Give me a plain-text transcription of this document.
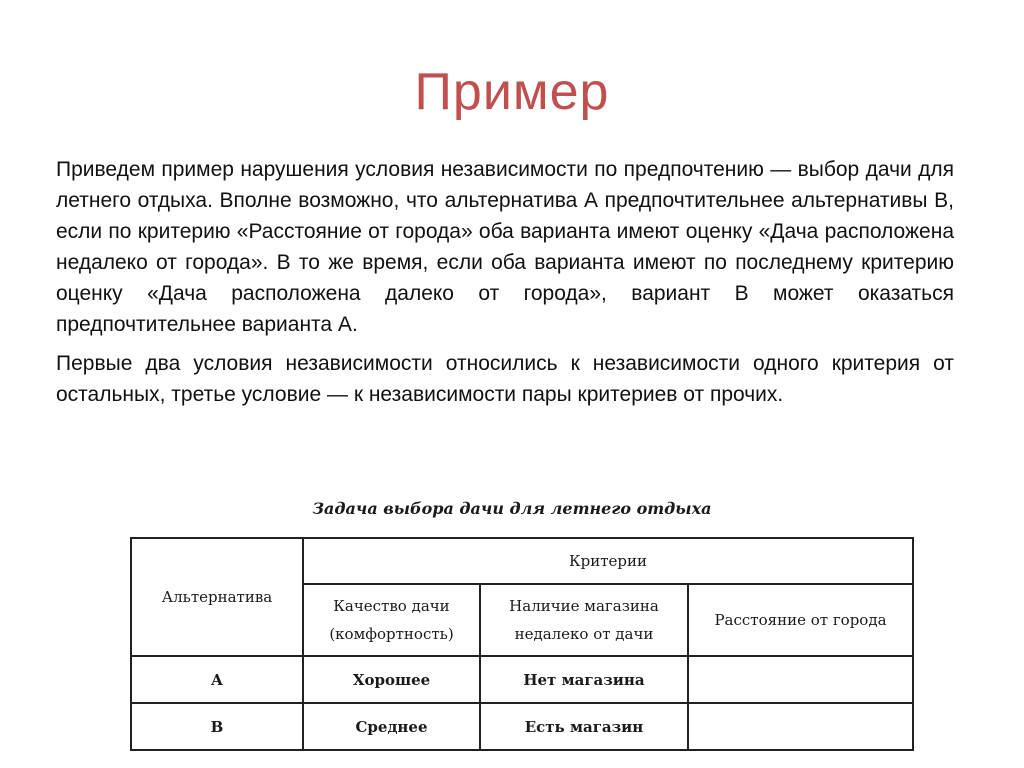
Пример

Приведем пример нарушения условия независимости по предпочтению — выбор дачи для летнего отдыха. Вполне возможно, что альтернатива А предпочтительнее альтернативы В, если по критерию «Расстояние от города» оба варианта имеют оценку «Дача расположена недалеко от города». В то же время, если оба варианта имеют по последнему критерию оценку «Дача расположена далеко от города», вариант В может оказаться предпочтительнее варианта А.

Первые два условия независимости относились к независимости одного критерия от остальных, третье условие — к независимости пары критериев от прочих.

Задача выбора дачи для летнего отдыха
Альтернатива	Критерии		
	Качество дачи (комфортность)	Наличие магазина недалеко от дачи	Расстояние от города
А	Хорошее	Нет магазина	
В	Среднее	Есть магазин	
